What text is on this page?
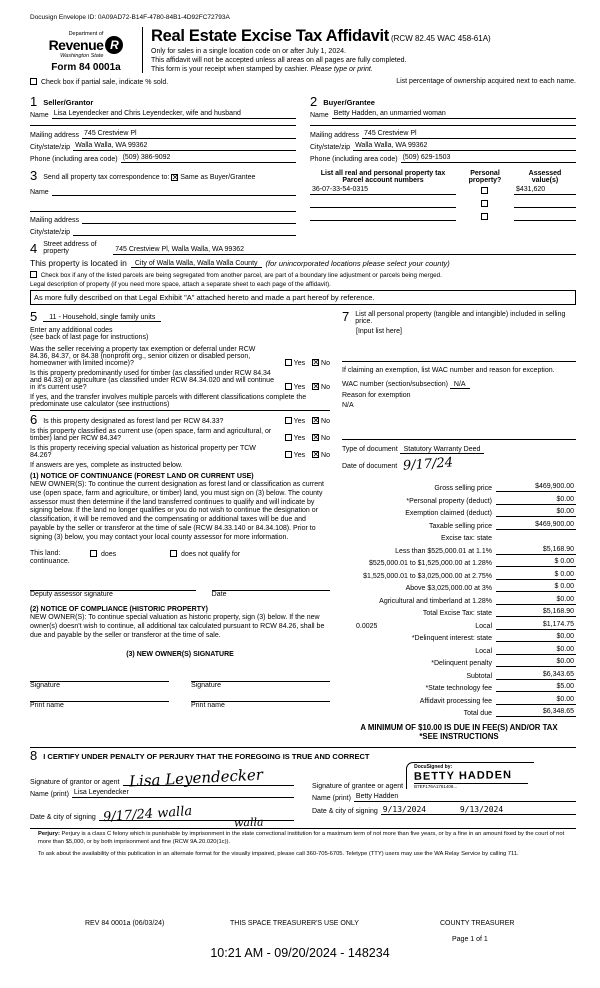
Docusign Envelope ID: 0A09AD72-B14F-4780-84B1-4D92FC72793A
Department of
Revenue
Washington State
R
Form 84 0001a
Real Estate Excise Tax Affidavit (RCW 82.45 WAC 458-61A)
Only for sales in a single location code on or after July 1, 2024.
This affidavit will not be accepted unless all areas on all pages are fully completed.
This form is your receipt when stamped by cashier. Please type or print.
Check box if partial sale, indicate % sold.	List percentage of ownership acquired next to each name.
1 Seller/Grantor
Name Lisa Leyendecker and Chris Leyendecker, wife and husband
Mailing address 745 Crestview Pl
City/state/zip Walla Walla, WA 99362
Phone (including area code) (509) 386-9092
2 Buyer/Grantee
Name Betty Hadden, an unmarried woman
Mailing address 745 Crestview Pl
City/state/zip Walla Walla, WA 99362
Phone (including area code) (509) 629-1503
3 Send all property tax correspondence to:
✕ Same as Buyer/Grantee
Name
Mailing address
City/state/zip
List all real and personal property tax
Parcel account numbers
Personal
property?
Assessed
value(s)
36-07-33-54-0315	$431,620
4 Street address of
property	745 Crestview Pl, Walla Walla, WA 99362
This property is located in	City of Walla Walla, Walla Walla County	(for unincorporated locations please select your county)
Check box if any of the listed parcels are being segregated from another parcel, are part of a boundary line adjustment or parcels being merged.
Legal description of property (if you need more space, attach a separate sheet to each page of the affidavit).
As more fully described on that Legal Exhibit "A" attached hereto and made a part hereof by reference.
5	11 - Household, single family units
Enter any additional codes
(see back of last page for instructions)
Was the seller receiving a property tax exemption or deferral under RCW 84.36, 84.37, or 84.38 (nonprofit org., senior citizen or disabled person, homeowner with limited income)?	Yes ✕ No
Is this property predominantly used for timber (as classified under RCW 84.34 and 84.33) or agriculture (as classified under RCW 84.34.020 and will continue in it's current use?	Yes ✕ No
If yes, and the transfer involves multiple parcels with different classifications complete the predominate use calculator (see instructions)
6 Is this property designated as forest land per RCW 84.33?	Yes ✕ No
Is this property classified as current use (open space, farm and agricultural, or timber) land per RCW 84.34?	Yes ✕ No
Is this property receiving special valuation as historical property per TCW 84.26?	Yes ✕ No
If answers are yes, complete as instructed below.
(1) NOTICE OF CONTINUANCE (FOREST LAND OR CURRENT USE)
NEW OWNER(S): To continue the current designation as forest land or classification as current use (open space, farm and agriculture, or timber) land, you must sign on (3) below. The county assessor must then determine if the land transferred continues to qualify and will indicate by signing below. If the land no longer qualifies or you do not wish to continue the designation or classification, it will be removed and the compensating or additional taxes will be due and payable by the seller or transferor at the time of sale (RCW 84.33.140 or 84.34.108). Prior to signing (3) below, you may contact your local county assessor for more information.
This land:	does	does not qualify for
continuance.
Deputy assessor signature	Date
(2) NOTICE OF COMPLIANCE (HISTORIC PROPERTY)
NEW OWNER(S): To continue special valuation as historic property, sign (3) below. If the new owner(s) doesn't wish to continue, all additional tax calculated pursuant to RCW 84.26, shall be due and payable by the seller or transferor at the time of sale.
(3) NEW OWNER(S) SIGNATURE
Signature	Signature
Print name	Print name
7 List all personal property (tangible and intangible) included in selling price.
[Input list here]
If claiming an exemption, list WAC number and reason for exception.
WAC number (section/subsection) N/A
Reason for exemption
N/A
Type of document Statutory Warranty Deed
Date of document 9/17/24
Gross selling price	$469,900.00
*Personal property (deduct)	$0.00
Exemption claimed (deduct)	$0.00
Taxable selling price	$469,900.00
Excise tax: state
Less than $525,000.01 at 1.1%	$5,168.90
$525,000.01 to $1,525,000.00 at 1.28%	$ 0.00
$1,525,000.01 to $3,025,000.00 at 2.75%	$ 0.00
Above $3,025,000.00 at 3%	$ 0.00
Agricultural and timberland at 1.28%	$0.00
Total Excise Tax: state	$5,168.90
0.0025	Local	$1,174.75
*Delinquent interest: state	$0.00
Local	$0.00
*Delinquent penalty	$0.00
Subtotal	$6,343.65
*State technology fee	$5.00
Affidavit processing fee	$0.00
Total due	$6,348.65
A MINIMUM OF $10.00 IS DUE IN FEE(S) AND/OR TAX
*SEE INSTRUCTIONS
8 I CERTIFY UNDER PENALTY OF PERJURY THAT THE FOREGOING IS TRUE AND CORRECT
Signature of grantor or agent Lisa Leyendecker
Name (print) Lisa Leyendecker
Date & city of signing 9/17/24 walla	walla
Signature of grantee or agent
DocuSigned by:
BETTY HADDEN
B7EF176A1761408...
Name (print) Betty Hadden
Date & city of signing 9/13/2024	9/13/2024
Perjury: Perjury is a class C felony which is punishable by imprisonment in the state correctional institution for a maximum term of not more than five years, or by a fine in an amount fixed by the court of not more than $5,000, or by both imprisonment and fine (RCW 9A.20.020(1c)).
To ask about the availability of this publication in an alternate format for the visually impaired, please call 360-705-6705. Teletype (TTY) users may use the WA Relay Service by calling 711.
REV 84 0001a (06/03/24)	THIS SPACE TREASURER'S USE ONLY	COUNTY TREASURER
Page 1 of 1
10:21 AM - 09/20/2024 - 148234
